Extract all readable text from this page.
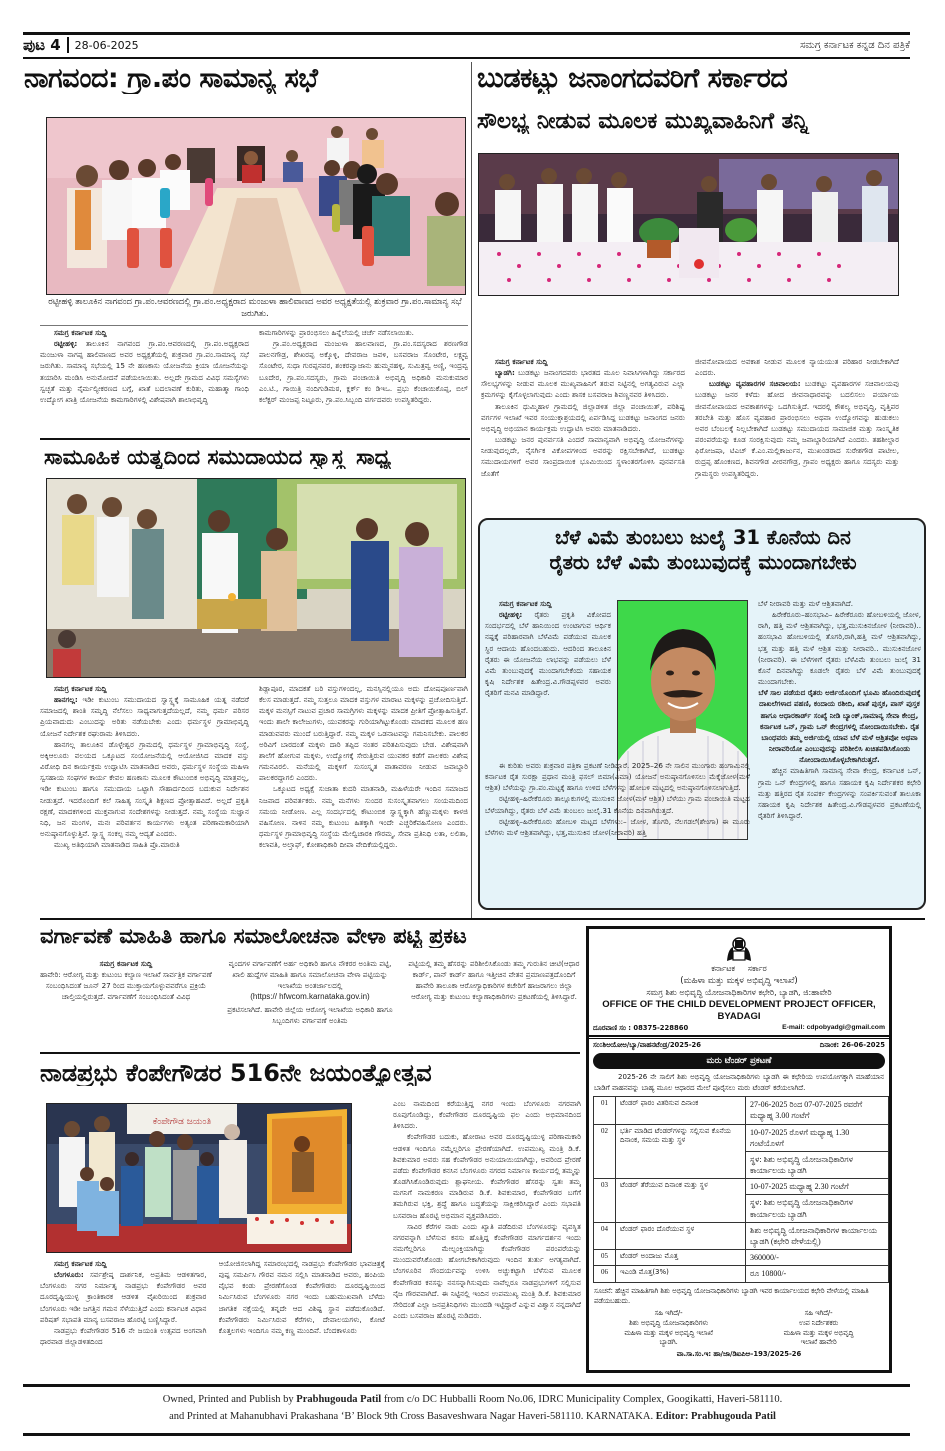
ಪುಟ 4 28-06-2025	ಸಮಗ್ರ ಕರ್ನಾಟಕ ಕನ್ನಡ ದಿನ ಪತ್ರಿಕೆ
ನಾಗವಂದ: ಗ್ರಾ.ಪಂ ಸಾಮಾನ್ಯ ಸಭೆ
ರಟ್ಟೀಹಳ್ಳಿ ತಾಲೂಕಿನ ನಾಗವಂದ ಗ್ರಾ.ಪಂ.ಆವರಣದಲ್ಲಿ ಗ್ರಾ.ಪಂ.ಅಧ್ಯಕ್ಷರಾದ ಮಂಜುಳಾ ಹಾಲಿವಾಣದ ಅವರ ಅಧ್ಯಕ್ಷತೆಯಲ್ಲಿ ಶುಕ್ರವಾರ ಗ್ರಾ.ಪಂ.ಸಾಮಾನ್ಯ ಸಭೆ ಜರುಗಿತು.
ಸಮಗ್ರ ಕರ್ನಾಟಕ ಸುದ್ದಿ

ರಟ್ಟೀಹಳ್ಳಿ: ತಾಲೂಕಿನ ನಾಗವಂದ ಗ್ರಾ.ಪಂ.ಆವರಣದಲ್ಲಿ ಗ್ರಾ.ಪಂ.ಅಧ್ಯಕ್ಷರಾದ ಮಂಜುಳಾ ನಾಗಪ್ಪ ಹಾಲಿವಾಣದ ಅವರ ಅಧ್ಯಕ್ಷತೆಯಲ್ಲಿ ಶುಕ್ರವಾರ ಗ್ರಾ.ಪಂ.ಸಾಮಾನ್ಯ ಸಭೆ ಜರುಗಿತು. ಸಾಮಾನ್ಯ ಸಭೆಯಲ್ಲಿ 15 ನೇ ಹಣಕಾಸು ಯೋಜನೆಯ ಕ್ರಿಯಾ ಯೋಜನೆಯನ್ನು ತಯಾರಿಸಿ ಮಂಡಿಸಿ ಅನುಮೋದನೆ ಪಡೆಯಲಾಯಿತು. ಅಲ್ಲದೇ ಗ್ರಾಮದ ವಿವಿಧ ಸಮಸ್ಯೆಗಳು ಸ್ವಚ್ಛತೆ ಮತ್ತು ನೈರ್ಮಲ್ಯೀಕರಣದ ಬಗ್ಗೆ, ಖಾತೆ ಬದಲಾವಣೆ ಕುರಿತು, ಮಹಾತ್ಮಾ ಗಾಂಧಿ ಉದ್ಯೋಗ ಖಾತ್ರಿ ಯೋಜನೆಯ ಕಾಮಗಾರಿಗಳಲ್ಲಿ ವಿಶೇಷವಾಗಿ ಶಾಲಾಭಿವೃದ್ಧಿ

ಕಾಮಗಾರಿಗಳನ್ನು ಪ್ರಾರಂಭಿಸಲು ಹಿನ್ನೆಲೆಯಲ್ಲಿ ಚರ್ಚೆ ನಡೆಸಲಾಯಿತು.

ಗ್ರಾ.ಪಂ.ಅಧ್ಯಕ್ಷರಾದ ಮಂಜುಳಾ ಹಾಲವಾಣದ, ಗ್ರಾ.ಪಂ.ಸದಸ್ಯರಾದ ಶರಣಗೌಡ ಪಾಲನಗೌಡ್ರ, ಶೇಖರಪ್ಪ ಅಕ್ಕೊಳ್ಳಿ, ದೇವರಾಜ ಜವಳಿ, ಬಸವರಾಜ ಸೊಂಟೇರ, ಲಕ್ಷ್ಮವ್ವ ಸೊಂಟೇರ, ಸುಧಾ ಗುರಪ್ಪನವರ, ಶಂಕರವ್ವಾಜಾನು ಹುಮ್ಮನಹಳ್ಳಿ, ಸುಮಿತ್ರವ್ವ ಅಣ್ಣಿ, ಇಂದ್ರವ್ವ ಬೂದೇರ, ಗ್ರಾ.ಪಂ.ಸದಸ್ಯರು, ಗ್ರಾಮ ಪಂಚಾಯಿತಿ ಅಭಿವೃದ್ಧಿ ಅಧಿಕಾರಿ ಮನುಕುಮಾರ ಎಂ.ಟಿ., ಗಾಯಿತ್ರಿ ನಂದಿಗುಡಿಮಠ, ಕ್ಲರ್ಕ್ ಕಂ ಡಿಇಒ. ಪ್ರಭು ಕೆಂಚಾಯಿಕೊಪ್ಪ, ಬಿಲ್ ಕಲೆಕ್ಟರ್ ಮಂಜಪ್ಪ ನಿಟ್ಟೂರು, ಗ್ರಾ.ಪಂ.ಸಿಬ್ಬಂದಿ ವರ್ಗದವರು ಉಪಸ್ಥಿತರಿದ್ದರು.

ಬುಡಕಟ್ಟು ಜನಾಂಗದವರಿಗೆ ಸರ್ಕಾರದ
ಸೌಲಭ್ಯ ನೀಡುವ ಮೂಲಕ ಮುಖ್ಯವಾಹಿನಿಗೆ ತನ್ನಿ
ಸಮಗ್ರ ಕರ್ನಾಟಕ ಸುದ್ದಿ

ಬ್ಯಾಡಗಿ: ಬುಡಕಟ್ಟು ಜನಾಂಗದವರು ಭಾರತದ ಮೂಲ ನಿವಾಸಿಗಳಾಗಿದ್ದು ಸರ್ಕಾರದ ಸೌಲಭ್ಯಗಳನ್ನು ನೀಡುವ ಮೂಲಕ ಮುಖ್ಯವಾಹಿನಿಗೆ ತರುವ ನಿಟ್ಟಿನಲ್ಲಿ ಅಗತ್ಯವಿರುವ ಎಲ್ಲಾ ಕ್ರಮಗಳನ್ನು ಕೈಗೊಳ್ಳಲಾಗುವುದು ಎಂದು ಶಾಸಕ ಬಸವರಾಜ ಶಿವಣ್ಣನವರ ತಿಳಿಸಿದರು.

ತಾಲೂಕಿನ ಧುಮ್ಮಿಹಾಳ ಗ್ರಾಮದಲ್ಲಿ ಜಿಲ್ಲಾಡಳಿತ ಜಿಲ್ಲಾ ಪಂಚಾಯಿತ್, ಪರಿಶಿಷ್ಟ ವರ್ಗಗಳ ಇಲಾಖೆ ಇವರ ಸಂಯುಕ್ತಾಶ್ರಯದಲ್ಲಿ ಏರ್ಪಡಿಸಿದ್ದ ಬುಡಕಟ್ಟು ಜನಾಂಗದ ಜನರು ಅಭಿವೃದ್ಧಿ ಅಭಿಯಾನ ಕಾರ್ಯಕ್ರಮ ಉದ್ಘಾಟಿಸಿ ಅವರು ಮಾತನಾಡಿದರು.

ಬುಡಕಟ್ಟು ಜನರ ಪುನರ್ವಸತಿ ಎಂದರೆ ಸಾಮಾನ್ಯವಾಗಿ ಅಭಿವೃದ್ಧಿ ಯೋಜನೆಗಳನ್ನು ನೀಡುವುದಲ್ಲದೇ, ನೈಸರ್ಗಿಕ ವಿಕೋಪಗಳಿಂದ ಅವರನ್ನು ರಕ್ಷಿಸಬೇಕಾಗಿದೆ, ಬುಡಕಟ್ಟು ಸಮುದಾಯಗಳಿಗೆ ಅವರ ಸಾಂಪ್ರದಾಯಿಕ ಭೂಮಿಯಿಂದ ಸ್ಥಳಾಂತರಗೊಳಿಸಿ ಪುನರ್ವಸತಿ ಜೊತೆಗೆ

ಜೀವನೋಪಾಯದ ಅವಕಾಶ ನೀಡುವ ಮೂಲಕ ನ್ಯಾಯಯುತ ಪರಿಹಾರ ನೀಡಬೇಕಾಗಿದೆ ಎಂದರು.

ಬುಡಕಟ್ಟು ವ್ಯವಹಾರಗಳ ಸಚಿವಾಲಯ: ಬುಡಕಟ್ಟು ವ್ಯವಹಾರಗಳ ಸಚಿವಾಲಯವು ಬುಡಕಟ್ಟು ಜನರ ಕಳೆದು ಹೋದ ಜೀವನಾಧಾರವನ್ನು ಬದಲಿಸಲು ಪರ್ಯಾಯ ಜೀವನೋಪಾಯದ ಅವಕಾಶಗಳನ್ನು ಒದಗಿಸುತ್ತಿದೆ. ಇದರಲ್ಲಿ ಕೌಶಲ್ಯ ಅಭಿವೃದ್ಧಿ, ವೃತ್ತಿಪರ ತರಬೇತಿ ಮತ್ತು ಹೊಸ ವ್ಯವಹಾರ ಪ್ರಾರಂಭಿಸಲು ಅಥವಾ ಉದ್ಯೋಗವನ್ನು ಹುಡುಕಲು ಅವರ ಬೆಂಬಲಕ್ಕೆ ನಿಲ್ಲಬೇಕಾಗಿದೆ ಬುಡಕಟ್ಟು ಸಮುದಾಯದ ಸಾಮಾಜಿಕ ಮತ್ತು ಸಾಂಸ್ಕೃತಿಕ ಪರಂಪರೆಯನ್ನು ಕೂಡ ಸಂರಕ್ಷಿಸುವುದು ನಮ್ಮ ಜವಾಬ್ದಾರಿಯಾಗಿದೆ ಎಂದರು. ತಹಶೀಲ್ದಾರ ಫಿರೋಜಷಾ, ಟಿಎಚ್ ಕೆ.ಎಂ.ಮಲ್ಲಿಕಾರ್ಜುನ, ಮುಖಂಡರಾದ ಸುರೇಶಗೌಡ ಪಾಟೀಲ, ರುದ್ರಪ್ಪ ಹೊಂಕಣದ, ಶಿವನಗೌಡ ವೀರನಗೌಡ್ರ, ಗ್ರಾಪಂ ಅಧ್ಯಕ್ಷರು ಹಾಗೂ ಸದಸ್ಯರು ಮತ್ತು ಗ್ರಾಮಸ್ಥರು ಉಪಸ್ಥಿತರಿದ್ದರು.

ಸಾಮೂಹಿಕ ಯತ್ನದಿಂದ ಸಮುದಾಯದ ಸ್ವಾಸ್ಥ್ಯ ಸಾಧ್ಯ
ಸಮಗ್ರ ಕರ್ನಾಟಕ ಸುದ್ದಿ

ಹಾನಗಲ್ಲ: ಇಡೀ ಕುಟುಂಬ ಸಮುದಾಯದ ಸ್ವಾಸ್ಥ್ಯಕ್ಕೆ ಸಾಮೂಹಿಕ ಯತ್ನ ನಡೆದರೆ ಸಮಾಜದಲ್ಲಿ ಶಾಂತಿ ಸಮೃದ್ಧಿ ನೆಲೆಸಲು ಸಾಧ್ಯವಾಗುತ್ತದೆಯಲ್ಲದೆ, ನಮ್ಮ ಧರ್ಮ ಪರಿಸರ ಪ್ರಿಯವಾದುದು ಎಂಬುದನ್ನು ಅರಿತು ನಡೆಯಬೇಕು ಎಂದು ಧರ್ಮಸ್ಥಳ ಗ್ರಾಮಾಭಿವೃದ್ಧಿ ಯೋಜನೆ ನಿರ್ದೇಶಕ ರಘುರಾಮ ತಿಳಿಸಿದರು.

ಹಾನಗಲ್ಲ ತಾಲೂಕಿನ ಡೊಳ್ಳೇಶ್ವರ ಗ್ರಾಮದಲ್ಲಿ ಧರ್ಮಸ್ಥಳ ಗ್ರಾಮಾಭಿವೃದ್ಧಿ ಸಂಸ್ಥೆ, ಅಕ್ಕಿಆಲೂರು ವಲಯದ ಒಕ್ಕೂಟದ ಸಂಯೋಜನೆಯಲ್ಲಿ ಆಯೋಜಿಸಿದ ಮಾದಕ ವಸ್ತು ವಿರೋಧಿ ದಿನ ಕಾರ್ಯಕ್ರಮ ಉದ್ಘಾಟಿಸಿ ಮಾತನಾಡಿದ ಅವರು, ಧರ್ಮಸ್ಥಳ ಸಂಸ್ಥೆಯ ಮಹಿಳಾ ಸ್ವಸಹಾಯ ಸಂಘಗಳ ಕಾರ್ಯ ಕೇವಲ ಹಣಕಾಸು ಮೂಲಕ ಕೌಟುಂಬಿಕ ಅಭಿವೃದ್ಧಿ ಮಾತ್ರವಲ್ಲ, ಇಡೀ ಕುಟುಂಬ ಹಾಗೂ ಸಮುದಾಯ ಒಟ್ಟಾಗಿ ಸೌಹಾರ್ದದಿಂದ ಬದುಕುವ ನಿರ್ದೇಶನ ನೀಡುತ್ತದೆ. ಇದರೊಂದಿಗೆ ಕಲೆ ಸಾಹಿತ್ಯ ಸಂಸ್ಕೃತಿ ಶಿಕ್ಷಣದ ಪ್ರೋತ್ಸಾಹವಿದೆ. ಅಲ್ಲದೆ ಪ್ರಕೃತಿ ರಕ್ಷಣೆ, ಮಾದಕಗಳಿಂದ ಮುಕ್ತವಾಗುವ ಸಂದೇಶಗಳನ್ನು ನೀಡುತ್ತದೆ. ನಮ್ಮ ಸಂಸ್ಥೆಯ ಸುಜ್ಞಾನ ನಿಧಿ, ಜನ ಮಂಗಳ, ಮನಃ ಪರಿವರ್ತನ ಕಾರ್ಯಗಳು ಅತ್ಯಂತ ಪರಿಣಾಮಕಾರಿಯಾಗಿ ಅನುಷ್ಠಾನಗೊಳ್ಳುತ್ತಿವೆ. ಸ್ವಾಸ್ಥ್ಯ ಸಂಕಲ್ಪ ನಮ್ಮ ಆದ್ಯತೆ ಎಂದರು.

ಮುಖ್ಯ ಅತಿಥಿಯಾಗಿ ಮಾತನಾಡಿದ ಸಾಹಿತಿ ಪ್ರೊ.ಮಾರುತಿ

ಶಿಡ್ಲಾಪೂರ, ಮಾದಕತೆ ಬರಿ ವಸ್ತುಗಳಿಂದಲ್ಲ, ಮನಸ್ಸಿನಲ್ಲಿಯೂ ಅದು ದೋಷಪೂರ್ಣವಾಗಿ ಕೆಲಸ ಮಾಡುತ್ತದೆ. ನಮ್ಮ ಸುತ್ತಲೂ ಮಾದಕ ವಸ್ತುಗಳ ಮಾರಾಟ ಮಕ್ಕಳನ್ನು ಪ್ರಚೋದಿಸುತ್ತಿದೆ. ಮಕ್ಕಳ ಮನಸ್ಸಿಗೆ ನಾಟುವ ಪ್ರಚಾರ ಸಾಮಗ್ರಿಗಳು ಮಕ್ಕಳನ್ನು ಮಾದಕ ಪ್ರೀತಿಗೆ ಪ್ರೋತ್ಸಾಹಿಸುತ್ತಿವೆ. ಇಂದು ಶಾಲೇ ಕಾಲೇಜುಗಳು, ಯುವಕರನ್ನು ಗುರಿಯಾಗಿಟ್ಟುಕೊಂಡು ಮಾದಕದ ಮೂಲಕ ಹಣ ಮಾಡುವವರು ಮುಂದೆ ಬರುತ್ತಿದ್ದಾರೆ. ನಮ್ಮ ಮಕ್ಕಳ ಒಡನಾಟವನ್ನು ಗಮನಿಸಬೇಕು. ಪಾಲಕರ ಅರಿವಿಗೆ ಬಾರದಂತೆ ಮಕ್ಕಳು ದಾರಿ ತಪ್ಪಿದ ನಂತರ ಪರಿತಪಿಸುವುದು ಬೇಡ. ವಿಶೇಷವಾಗಿ ಶಾಲೆಗೆ ಹೋಗುವ ಮಕ್ಕಳು, ಉದ್ಯೋಗಕ್ಕೆ ಸೇರುತ್ತಿರುವ ಯುವಕರ ಕಡೆಗೆ ಪಾಲಕರು ವಿಶೇಷ ಗಮನವಿರಲಿ. ಮನೆಯಲ್ಲಿ ಮಕ್ಕಳಿಗೆ ಸುಸಂಸ್ಕೃತ ವಾತಾವರಣ ನೀಡುವ ಜವಾಬ್ದಾರಿ ಪಾಲಕರದ್ದಾಗಲಿ ಎಂದರು.

ಒಕ್ಕೂಟದ ಅಧ್ಯಕ್ಷೆ ಸುಜಾತಾ ಕುದರಿ ಮಾತನಾಡಿ, ಮಹಿಳೆಯರೇ ಇಂದಿನ ಸಮಾಜದ ನಿಜವಾದ ಪರಿವರ್ತಕರು. ನಮ್ಮ ಮನೆಗಳು ಸುಂದರ ಸುಸಂಸ್ಕೃತವಾಗಲು ಸಂಯಮದಿಂದ ಸಮಯ ನೀಡೋಣ. ಎಲ್ಲ ಸಂದರ್ಭದಲ್ಲಿ ಕೌಟುಂಬಿಕ ಸ್ವಾಸ್ಥ್ಯಕ್ಕಾಗಿ ಹೆಣ್ಣುಮಕ್ಕಳು ಕಾಳಜಿ ವಹಿಸೋಣ. ನಾಳಿನ ನಮ್ಮ ಕುಟುಂಬ ಹಿತಕ್ಕಾಗಿ ಇಂದೇ ಎಚ್ಚರಿಕೆವಹಿಸೋಣ ಎಂದರು. ಧರ್ಮಸ್ಥಳ ಗ್ರಾಮಾಭಿವೃದ್ಧಿ ಸಂಸ್ಥೆಯ ಮೇಲ್ವಿಚಾರಕಿ ಗೌರಮ್ಮ, ಸೇವಾ ಪ್ರತಿನಿಧಿ ಲತಾ, ಲಲಿತಾ, ಕಲಾವತಿ, ಅಲ್ತಾಫ್, ಕೋಶಾಧಿಕಾರಿ ದೀಪಾ ವೇದಿಕೆಯಲ್ಲಿದ್ದರು.

ಬೆಳೆ ವಿಮೆ ತುಂಬಲು ಜುಲೈ 31 ಕೊನೆಯ ದಿನ
ರೈತರು ಬೆಳೆ ವಿಮೆ ತುಂಬುವುದಕ್ಕೆ ಮುಂದಾಗಬೇಕು
ಸಮಗ್ರ ಕರ್ನಾಟಕ ಸುದ್ದಿ

ರಟ್ಟೀಹಳ್ಳಿ: ರೈತರು ಪ್ರಕೃತಿ ವಿಕೋಪದ ಸಂದರ್ಭದಲ್ಲಿ ಬೆಳೆ ಹಾನಿಯಿಂದ ಉಂಟಾಗುವ ಆರ್ಥಿಕ ನಷ್ಟಕ್ಕೆ ಪರಿಹಾರವಾಗಿ ಬೆಳೆವಿಮೆ ಪಡೆಯುವ ಮೂಲಕ ಸ್ಥಿರ ಆದಾಯ ಹೊಂದಬಹುದು. ಆದರಿಂದ ತಾಲೂಕಿನ ರೈತರು ಈ ಯೋಜನೆಯ ಲಾಭವನ್ನು ಪಡೆಯಲು ಬೆಳೆ ವಿಮೆ ತುಂಬುವುದಕ್ಕೆ ಮುಂದಾಗಬೇಕೆಂದು ಸಹಾಯಕ ಕೃಷಿ ನಿರ್ದೇಶಕ ಹಿತೇಂದ್ರ.ವಿ.ಗೌಡಪ್ಪಳವರ ಅವರು ರೈತರಿಗೆ ಮನವಿ ಮಾಡಿದ್ದಾರೆ.

ಬೆಳೆ ನೀರಾವರಿ ಮತ್ತು ಮಳೆ ಆಶ್ರಿತವಾಗಿದೆ.

ಹಿರೇಕೆರೂರು–ಹಂಸಭಾವಿ– ಹಿರೇಕೆರೂರು ಹೋಬಳಿಯಲ್ಲಿ ಜೋಳ, ರಾಗಿ, ಹತ್ತಿ ಮಳೆ ಆಶ್ರಿತವಾಗಿದ್ದು, ಭತ್ತ,ಮುಸುಕಿನಜೋಳ (ನೀರಾವರಿ).. ಹಂಸಭಾವಿ ಹೋಬಳಿಯಲ್ಲಿ ತೊಗರಿ,ರಾಗಿ,ಹತ್ತಿ ಮಳೆ ಆಶ್ರಿತವಾಗಿದ್ದು, ಭತ್ತ ಮತ್ತು ಹತ್ತಿ ಮಳೆ ಆಶ್ರಿತ ಮತ್ತು ನೀರಾವರಿ.. ಮುಸುಕಿನಜೋಳ (ನೀರಾವರಿ). ಈ ಬೆಳೆಗಳಿಗೆ ರೈತರು ಬೆಳೆವಿಮೆ ತುಂಬಲು ಜುಲೈ 31 ಕೊನೆ ದಿನವಾಗಿದ್ದು ಕೂಡಲೇ ರೈತರು ಬೆಳೆ ವಿಮೆ ತುಂಬುವುದಕ್ಕೆ ಮುಂದಾಗಬೇಕು.

ಬೆಳೆ ಸಾಲ ಪಡೆಯದ ರೈತರು ಅರ್ಜಿಯೊಂದಿಗೆ ಭೂಮಿ ಹೊಂದಿರುವುದಕ್ಕೆ ದಾಖಲೆಗಳಾದ ಪಹಣಿ, ಕಂದಾಯ ರಶೀದಿ, ಖಾತೆ ಪುಸ್ತಕ, ಪಾಸ್ ಪುಸ್ತಕ ಹಾಗೂ ಆಧಾರಕಾರ್ಡ್ ಸಂಖ್ಯೆ ನೀಡಿ ಬ್ಯಾಂಕ್,ಸಾಮಾನ್ಯ ಸೇವಾ ಕೇಂದ್ರ, ಕರ್ನಾಟಕ ಒನ್, ಗ್ರಾಮ ಒನ್ ಕೇಂದ್ರಗಳಲ್ಲಿ ನೋಂದಾಯಿಸಬೇಕು. ರೈತ ಬಾಂಧವರು ತಮ್ಮ ಅರ್ಜಿಯಲ್ಲಿ ಯಾವ ಬೆಳೆ ಮಳೆ ಆಶ್ರಿತವೋ ಅಥವಾ ನೀರಾವರಿಯೋ ಎಂಬುವುದನ್ನು ಪರಿಶೀಲಿಸಿ ಖಚಿತಪಡಿಸಿಕೊಂಡು ನೋಂದಾಯಿಸಿಕೊಳ್ಳಬೇಕಾಗಿರುತ್ತದೆ.

ಹೆಚ್ಚಿನ ಮಾಹಿತಿಗಾಗಿ ಸಾಮಾನ್ಯ ಸೇವಾ ಕೇಂದ್ರ, ಕರ್ನಾಟಕ ಒನ್, ಗ್ರಾಮ ಒನ್ ಕೇಂದ್ರಗಳಲ್ಲಿ ಹಾಗೂ ಸಹಾಯಕ ಕೃಷಿ ನಿರ್ದೇಶಕರ ಕಛೇರಿ ಮತ್ತು ಹತ್ತಿರದ ರೈತ ಸಂಪರ್ಕ ಕೇಂದ್ರಗಳನ್ನು ಸಂಪರ್ಕಿಸುವಂತೆ ತಾಲೂಕಾ ಸಹಾಯಕ ಕೃಷಿ ನಿರ್ದೇಶಕ ಹಿತೇಂದ್ರ.ವಿ.ಗೌಡಪ್ಪಳವರ ಪ್ರಕಟಣೆಯಲ್ಲಿ ರೈತರಿಗೆ ತಿಳಿಸಿದ್ದಾರೆ.

ಈ ಕುರಿತು ಅವರು ಶುಕ್ರವಾರ ಪತ್ರಿಕಾ ಪ್ರಕಟಣೆ ನೀಡಿದ್ದಾರೆ. 2025–26 ನೇ ಸಾಲಿನ ಮುಂಗಾರು ಹಂಗಾಮಿನಲ್ಲಿ ಕರ್ನಾಟಕ ರೈತ ಸುರಕ್ಷಾ ಪ್ರಧಾನ ಮಂತ್ರಿ ಫಸಲ್ ಬಿಮಾ(ವಿಮಾ) ಯೋಜನೆ ಅನುಷ್ಠಾನಗೊಳಿಸಲು ಮೆಕ್ಕೆಜೋಳ(ಮಳೆ ಆಶ್ರಿತ) ಬೆಳೆಯನ್ನು ಗ್ರಾ.ಪಂ.ಮಟ್ಟಕ್ಕೆ ಹಾಗೂ ಉಳಿದ ಬೆಳೆಗಳನ್ನು ಹೋಬಳಿ ಮಟ್ಟದಲ್ಲಿ ಅನುಷ್ಠಾನಗೊಳಿಸಲಾಗುತ್ತಿದೆ.

ರಟ್ಟೀಹಳ್ಳಿ–ಹಿರೇಕೆರೂರು ತಾಲ್ಲೂಕುಗಳಲ್ಲಿ ಮುಸುಕಿನ ಜೋಳ(ಮಳೆ ಆಶ್ರಿತ) ಬೆಳೆಯು ಗ್ರಾಮ ಪಂಚಾಯಿತಿ ಮಟ್ಟದ ಬೆಳೆಯಾಗಿದ್ದು, ರೈತರು ಬೆಳೆ ವಿಮೆ ತುಂಬಲು ಜುಲೈ.31 ಕೊನೆಯ ದಿನವಾಗಿರುತ್ತದೆ.

ರಟ್ಟೀಹಳ್ಳಿ–ಹಿರೇಕೆರೂರು ಹೋಬಳಿ ಮಟ್ಟದ ಬೆಳೆಗಳು:– ಜೋಳ, ತೊಗರಿ, ನೆಲಗಡಲೆ(ಶೇಂಗಾ) ಈ ಮೂರು ಬೆಳೆಗಳು ಮಳೆ ಆಶ್ರಿತವಾಗಿದ್ದು, ಭತ್ತ,ಮುಸುಕಿನ ಜೋಳ(ನೀರಾವರಿ) ಹತ್ತಿ

ವರ್ಗಾವಣೆ ಮಾಹಿತಿ ಹಾಗೂ ಸಮಾಲೋಚನಾ ವೇಳಾ ಪಟ್ಟಿ ಪ್ರಕಟ
ಸಮಗ್ರ ಕರ್ನಾಟಕ ಸುದ್ದಿ

ಹಾವೇರಿ: ಆರೋಗ್ಯ ಮತ್ತು ಕುಟುಂಬ ಕಲ್ಯಾಣ ಇಲಾಖೆ ಸಾರ್ವತ್ರಿಕ ವರ್ಗಾವಣೆ ಸಂಬಂಧಿಸಿದಂತೆ ಜೂನ್ 27 ರಿಂದ ಮುಕ್ತಾಯಗೊಳ್ಳುವವರೆಗೂ ಪ್ರಕ್ರಿಯೆ ಚಾಲ್ತಿಯಲ್ಲಿರುತ್ತದೆ. ವರ್ಗಾವಣೆಗೆ ಸಂಬಂಧಿಸಿದಂತೆ ವಿವಿಧ

ವೃಂದಗಳ ವರ್ಗಾವಣೆಗೆ ಅರ್ಹ ಅಧಿಕಾರಿ ಹಾಗೂ ನೌಕರರ ಅಂತಿಮ ಪಟ್ಟಿ, ಖಾಲಿ ಹುದ್ದೆಗಳ ಮಾಹಿತಿ ಹಾಗೂ ಸಮಾಲೋಚನಾ ವೇಳಾ ಪಟ್ಟಿಯನ್ನು ಇಲಾಖೆಯ ಅಂತರ್ಜಾಲದಲ್ಲಿ

(https:// hfwcom.karnataka.gov.in)

ಪ್ರಕಟಿಸಲಾಗಿದೆ. ಹಾವೇರಿ ಜಿಲ್ಲೆಯ ಆರೋಗ್ಯ ಇಲಾಖೆಯ ಅಧಿಕಾರಿ ಹಾಗೂ ಸಿಬ್ಬಂದಿಗಳು ವರ್ಗಾವಣೆ ಅಂತಿಮ

ಪಟ್ಟಿಯಲ್ಲಿ ತಮ್ಮ ಹೆಸರನ್ನು ಪರಿಶೀಲಿಸಿಕೊಂಡು ತಮ್ಮ ಗುರುತಿನ ಚೀಟಿ(ಆಧಾರ ಕಾರ್ಡ್, ಪಾನ್ ಕಾರ್ಡ್ ಹಾಗೂ ಇತ್ತೀಚಿನ ವೇತನ ಪ್ರಮಾಣಪತ್ರದೊಂದಿಗೆ ಹಾವೇರಿ ತಾಲೂಕಾ ಆರೋಗ್ಯಾಧಿಕಾರಿಗಳ ಕಚೇರಿಗೆ ಹಾಜರಾಗಲು ಜಿಲ್ಲಾ ಆರೋಗ್ಯ ಮತ್ತು ಕುಟುಂಬ ಕಲ್ಯಾಣಾಧಿಕಾರಿಗಳು ಪ್ರಕಟಣೆಯಲ್ಲಿ ತಿಳಿಸಿದ್ದಾರೆ.

ನಾಡಪ್ರಭು ಕೆಂಪೇಗೌಡರ 516ನೇ ಜಯಂತ್ಯೋತ್ಸವ
ಕೆಂಪೇಗೌಡ ಜಯಂತಿ
ಸಮಗ್ರ ಕರ್ನಾಟಕ ಸುದ್ದಿ

ಬೆಂಗಳೂರು: ಸರ್ವಶ್ರೇಷ್ಠ ದಾರ್ಶನಿಕ, ಅಪ್ರತಿಮ ಆಡಳಿತಗಾರ, ಬೆಂಗಳೂರು ನಗರ ನಿರ್ಮಾತೃ ನಾಡಪ್ರಭು ಕೆಂಪೇಗೌಡರ ಅವರ ದೂರದೃಷ್ಟಿಯುಳ್ಳ ಕ್ರಾಂತಿಕಾರಕ ಆಡಳಿತ ವೈಖರಿಯಿಂದ ಶುಕ್ರವಾರ ಬೆಂಗಳೂರು ಇಡೀ ಜಗತ್ತಿನ ಗಮನ ಸೆಳೆಯುತ್ತಿದೆ ಎಂದು ಕರ್ನಾಟಕ ವಿಧಾನ ಪರಿಷತ್ ಸಭಾಪತಿ ಮಾನ್ಯ ಬಸವರಾಜ ಹೊರಟ್ಟಿ ಬಣ್ಣಿಸಿದ್ದಾರೆ.

ನಾಡಪ್ರಭು ಕೆಂಪೇಗೌಡರ 516 ನೇ ಜಯಂತಿ ಉತ್ಸವದ ಅಂಗವಾಗಿ ಧಾರವಾಡ ಜಿಲ್ಲಾಡಳಿತದಿಂದ

ಆಯೋಜಿಸಲಾಗಿದ್ದ ಸಮಾರಂಭದಲ್ಲಿ ನಾಡಪ್ರಭು ಕೆಂಪೇಗೌಡರ ಭಾವಚಿತ್ರಕ್ಕೆ ಪುಷ್ಪ ಸಮರ್ಪಿಸಿ ಗೌರವ ನಮನ ಸಲ್ಲಿಸಿ ಮಾತನಾಡಿದ ಅವರು, ಹಂಪಿಯ ವೈಭವ ಕಂಡು ಪ್ರೇರಣೆಗೊಂಡ ಕೆಂಪೇಗೌಡರು ದೂರದೃಷ್ಟಿಯಿಂದ ನಿರ್ಮಿಸಿರುವ ಬೆಂಗಳೂರು ನಗರ ಇಂದು ಬಹುಮುಖವಾಗಿ ಬೆಳೆದು ಜಾಗತಿಕ ನಕ್ಷೆಯಲ್ಲಿ ತನ್ನದೇ ಆದ ವಿಶಿಷ್ಟ ಸ್ಥಾನ ಪಡೆದುಕೊಂಡಿದೆ. ಕೆಂಪೇಗೌಡರು ನಿರ್ಮಿಸಿರುವ ಕೆರೆಗಳು, ದೇವಾಲಯಗಳು, ಕೋಟೆ ಕೊತ್ತಲಗಳು ಇಂದಿಗೂ ನಮ್ಮ ಕಣ್ಣ ಮುಂದಿವೆ. ಬೆಂದಕಾಳೂರು

ಎಂಬ ನಾಮದಿಂದ ಕರೆಯುತ್ತಿದ್ದ ನಗರ ಇಂದು ಬೆಂಗಳೂರು ನಗರವಾಗಿ ರೂಪುಗೊಂಡಿದ್ದು, ಕೆಂಪೇಗೌಡರ ದೂರದೃಷ್ಟಿಯ ಫಲ ಎಂದು ಅಭಿಮಾನದಿಂದ ತಿಳಿಸಿದರು.

ಕೆಂಪೇಗೌಡರ ಬದುಕು, ಹೋರಾಟ ಅವರ ದೂರದೃಷ್ಟಿಯುಳ್ಳ ಪರಿಣಾಮಕಾರಿ ಆಡಳಿತ ಇಂದಿಗೂ ನಮ್ಮೆಲ್ಲರಿಗೂ ಪ್ರೇರಣೆಯಾಗಿದೆ. ಉಪಮುಖ್ಯ ಮಂತ್ರಿ ಡಿ.ಕೆ. ಶಿವಕುಮಾರ ಅವರು ಸಹ ಕೆಂಪೇಗೌಡರ ಅನುಯಾಯಿಯಾಗಿದ್ದು, ಅವರಿಂದ ಪ್ರೇರಣೆ ಪಡೆದು ಕೆಂಪೇಗೌಡರ ಕನಸಿನ ಬೆಂಗಳೂರು ನಗರದ ನಿರ್ಮಾಣ ಕಾರ್ಯದಲ್ಲಿ ತಮ್ಮನ್ನು ತೊಡಗಿಸಿಕೊಂಡಿರುವುದು ಶ್ಲಾಘನೀಯ. ಕೆಂಪೇಗೌಡರ ಹೆಸರನ್ನು ಸ್ವತಃ ತಮ್ಮ ಮಗನಿಗೆ ನಾಮಕರಣ ಮಾಡಿರುವ ಡಿ.ಕೆ. ಶಿವಕುಮಾರ, ಕೆಂಪೇಗೌಡರ ಬಗೆಗೆ ತಮಗಿರುವ ಭಕ್ತಿ, ಶ್ರದ್ಧೆ ಹಾಗೂ ಬದ್ಧತೆಯನ್ನು ಸಾಕ್ಷೀಕರಿಸಿದ್ದಾರೆ ಎಂದು ಸಭಾಪತಿ ಬಸವರಾಜ ಹೊರಟ್ಟಿ ಅಭಿಮಾನ ವ್ಯಕ್ತಪಡಿಸಿದರು.

ಸಾವಿರ ಕೆರೆಗಳ ನಾಡು ಎಂದು ಖ್ಯಾತಿ ಪಡೆದಿರುವ ಬೆಂಗಳೂರನ್ನು ವ್ಯವಸ್ಥಿತ ನಗರವನ್ನಾಗಿ ಬೆಳೆಸುವ ಕನಸು ಹೊತ್ತಿದ್ದ ಕೆಂಪೇಗೌಡರ ಮಾರ್ಗದರ್ಶನ ಇಂದು ನಮಗೆಲ್ಲರಿಗೂ ಮೇಲ್ಪಂಕ್ತಿಯಾಗಿದ್ದು ಕೆಂಪೇಗೌಡರ ಪರಂಪರೆಯನ್ನು ಮುಂದುವರೆಸಿಕೊಂಡು ಹೋಗಬೇಕಾಗಿರುವುದು ಇಂದಿನ ತುರ್ತು ಅಗತ್ಯವಾಗಿದೆ. ಬೆಂಗಳೂರಿನ ಸೌಂದರ್ಯವನ್ನು ಉಳಿಸಿ ಅಚ್ಚುಕಟ್ಟಾಗಿ ಬೆಳೆಸುವ ಮೂಲಕ ಕೆಂಪೇಗೌಡರ ಕನಸನ್ನು ನನಸನ್ನಾಗಿಸುವುದು ನಾವೆಲ್ಲರೂ ನಾಡಪ್ರಭುಗಳಿಗೆ ಸಲ್ಲಿಸುವ ನೈಜ ಗೌರವವಾಗಿದೆ. ಈ ನಿಟ್ಟಿನಲ್ಲಿ ಇಂದಿನ ಉಪಮುಖ್ಯ ಮಂತ್ರಿ ಡಿ.ಕೆ. ಶಿವಕುಮಾರ ಸೇರಿದಂತೆ ಎಲ್ಲಾ ಜನಪ್ರತಿನಿಧಿಗಳು ಮುಂದಡಿ ಇಟ್ಟಿದ್ದಾರೆ ಎನ್ನುವ ವಿಶ್ವಾಸ ನನ್ನದಾಗಿದೆ ಎಂದು ಬಸವರಾಜ ಹೊರಟ್ಟಿ ನುಡಿದರು.

ಕರ್ನಾಟಕ     ಸರ್ಕಾರ
(ಮಹಿಳಾ ಮತ್ತು ಮಕ್ಕಳ ಅಭಿವೃದ್ಧಿ ಇಲಾಖೆ)
ಸಮಗ್ರ ಶಿಶು ಅಭಿವೃದ್ಧಿ ಯೋಜನಾಧಿಕಾರಿಗಳ ಕಛೇರಿ, ಬ್ಯಾಡಗಿ, ಜಿ:ಹಾವೇರಿ
OFFICE OF THE CHILD DEVELOPMENT PROJECT OFFICER,
BYADAGI
ದೂರವಾಣಿ ಸಂ : 08375-228860	E-mail: cdpobyadgi@gmail.com
ಸಂ:ಶಿಅಯೋಅ/ಬ್ಯಾ/ವಾಹನಟೆಂಡ್ರ/2025-26	ದಿನಾಂಕ: 26-06-2025
ಮರು ಟೆಂಡರ್ ಪ್ರಕಟಣೆ
2025-26 ನೇ ಸಾಲಿಗೆ ಶಿಶು ಅಭಿವೃದ್ಧಿ ಯೋಜನಾಧಿಕಾರಿಗಳು ಬ್ಯಾಡಗಿ ಈ ಕಛೇರಿಯ ಉಪಯೋಗಕ್ಕಾಗಿ ಮಾಹೆಯಾನ ಬಾಡಿಗೆ ವಾಹನವನ್ನು ಬಾಹ್ಯ ಮೂಲ ಆಧಾರದ ಮೇಲೆ ಪೂರೈಸಲು ಮರು ಟೆಂಡರ್ ಕರೆಯಲಾಗಿದೆ.
01	ಟೆಂಡರ್ ಫಾರಂ ವಿತರಿಸುವ ದಿನಾಂಕ	27-06-2025 ರಿಂದ 07-07-2025 ರವರೆಗೆ ಮಧ್ಯಾಹ್ನ 3.00 ಗಂಟೆಗೆ
02	ಭರ್ತಿ ಮಾಡಿದ ಟೆಂಡರ್‌ಗಳನ್ನು ಸಲ್ಲಿಸುವ ಕೊನೆಯ ದಿನಾಂಕ, ಸಮಯ ಮತ್ತು ಸ್ಥಳ	10-07-2025 ರೊಳಗೆ ಮಧ್ಯಾಹ್ನ 1.30 ಗಂಟೆಯೊಳಗೆ
		ಸ್ಥಳ: ಶಿಶು ಅಭಿವೃದ್ಧಿ ಯೋಜನಾಧಿಕಾರಿಗಳ ಕಾರ್ಯಾಲಯ ಬ್ಯಾಡಗಿ
03	ಟೆಂಡರ್ ತೆರೆಯುವ ದಿನಾಂಕ ಮತ್ತು ಸ್ಥಳ	10-07-2025 ಮಧ್ಯಾಹ್ನ 2.30 ಗಂಟೆಗೆ
		ಸ್ಥಳ: ಶಿಶು ಅಭಿವೃದ್ಧಿ ಯೋಜನಾಧಿಕಾರಿಗಳ ಕಾರ್ಯಾಲಯ ಬ್ಯಾಡಗಿ
04	ಟೆಂಡರ್ ಫಾರಂ ದೊರೆಯುವ ಸ್ಥಳ	ಶಿಶು ಅಭಿವೃದ್ಧಿ ಯೋಜನಾಧಿಕಾರಿಗಳ ಕಾರ್ಯಾಲಯ ಬ್ಯಾಡಗಿ (ಕಛೇರಿ ವೇಳೆಯಲ್ಲಿ)
05	ಟೆಂಡರ್ ಅಂದಾಜು ಮೊತ್ತ	360000/-
06	ಇಎಂಡಿ ಮೊತ್ತ(3%)	ರೂ 10800/-
ಸೂಚನೆ: ಹೆಚ್ಚಿನ ಮಾಹಿತಿಗಾಗಿ ಶಿಶು ಅಭಿವೃದ್ಧಿ ಯೋಜನಾಧಿಕಾರಿಗಳು ಬ್ಯಾಡಗಿ ಇವರ ಕಾರ್ಯಾಲಯದ ಕಛೇರಿ ವೇಳೆಯಲ್ಲಿ ಮಾಹಿತಿ ಪಡೆಯಬಹುದು.
ಸಹಿ ಇಗಿದೆ/-
ಶಿಶು ಅಭಿವೃದ್ಧಿ ಯೋಜನಾಧಿಕಾರಿಗಳು
ಮಹಿಳಾ ಮತ್ತು ಮಕ್ಕಳ ಅಭಿವೃದ್ಧಿ ಇಲಾಖೆ
ಬ್ಯಾಡಗಿ.
ಸಹಿ ಇಗಿದೆ/-
ಉಪ ನಿರ್ದೇಶಕರು
ಮಹಿಳಾ ಮತ್ತು ಮಕ್ಕಳ ಅಭಿವೃದ್ಧಿ
ಇಲಾಖೆ ಹಾವೇರಿ
ವಾ.ಸಾ.ಸಂ.ಇ: ಹಾ/ಜಾ/ಡಿಐಪಿಆ–193/2025-26
Owned, Printed and Publish by Prabhugouda Patil from c/o DC Hubballi Room No.06, IDRC Municipality Complex, Googikatti, Haveri-581110.
and Printed at Mahanubhavi Prakashana ‘B’ Block 9th Cross Basaveshwara Nagar Haveri-581110. KARNATAKA. Editor: Prabhugouda Patil
